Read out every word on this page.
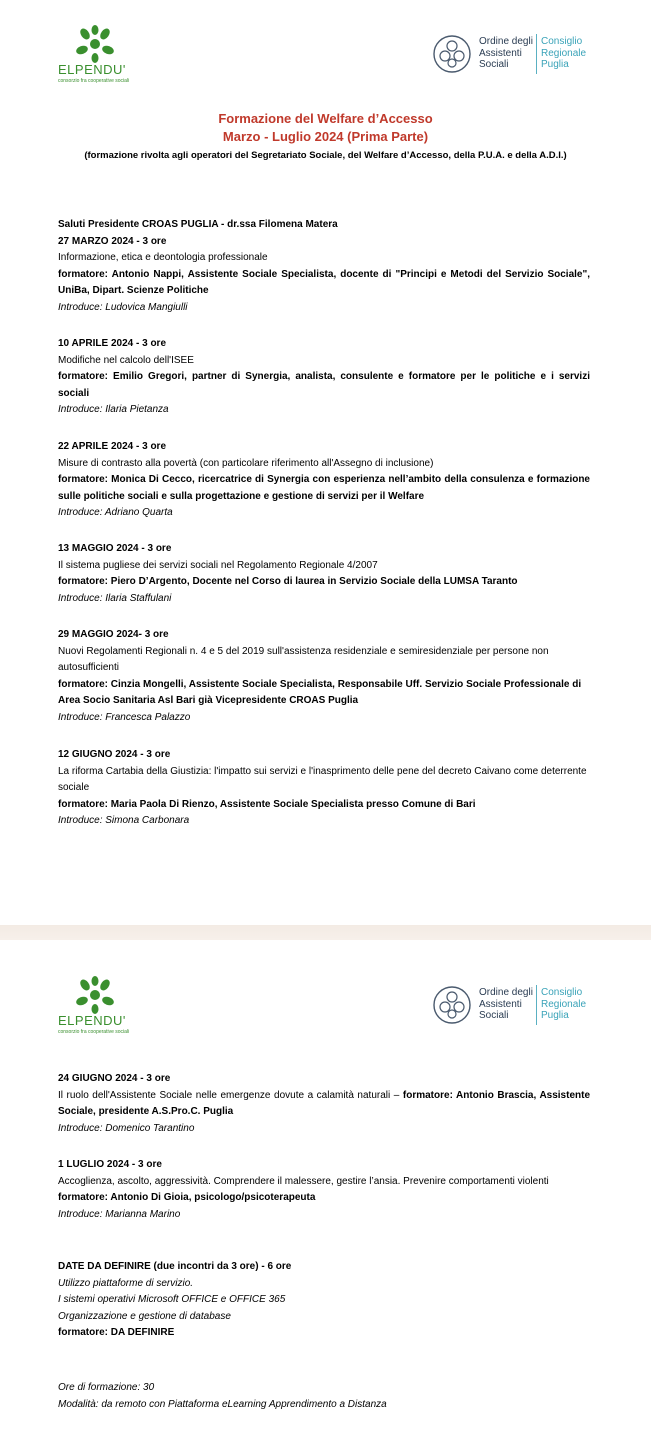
ELPENDU'
consorzio fra cooperative sociali
Ordine degli
Assistenti
Sociali
Consiglio
Regionale
Puglia
Formazione del Welfare d’Accesso
Marzo - Luglio 2024 (Prima Parte)
(formazione rivolta agli operatori del Segretariato Sociale, del Welfare d’Accesso, della P.U.A. e della A.D.I.)
Saluti Presidente CROAS PUGLIA - dr.ssa Filomena Matera
27 MARZO 2024 - 3 ore
Informazione, etica e deontologia professionale
formatore: Antonio Nappi, Assistente Sociale Specialista, docente di "Principi e Metodi del Servizio Sociale", UniBa, Dipart. Scienze Politiche
Introduce: Ludovica Mangiulli
10 APRILE 2024 - 3 ore
Modifiche nel calcolo dell'ISEE
formatore: Emilio Gregori, partner di Synergia, analista, consulente e formatore per le politiche e i servizi sociali
Introduce: Ilaria Pietanza
22 APRILE 2024 - 3 ore
Misure di contrasto alla povertà (con particolare riferimento all'Assegno di inclusione)
formatore: Monica Di Cecco, ricercatrice di Synergia con esperienza nell’ambito della consulenza e formazione sulle politiche sociali e sulla progettazione e gestione di servizi per il Welfare
Introduce: Adriano Quarta
13 MAGGIO 2024 - 3 ore
Il sistema pugliese dei servizi sociali nel Regolamento Regionale 4/2007
formatore: Piero D’Argento, Docente nel Corso di laurea in Servizio Sociale della LUMSA Taranto
Introduce: Ilaria Staffulani
29 MAGGIO 2024- 3 ore
Nuovi Regolamenti Regionali n. 4 e 5 del 2019 sull'assistenza residenziale e semiresidenziale per persone non autosufficienti
formatore: Cinzia Mongelli, Assistente Sociale Specialista, Responsabile Uff. Servizio Sociale Professionale di Area Socio Sanitaria Asl Bari già Vicepresidente CROAS Puglia
Introduce: Francesca Palazzo
12 GIUGNO 2024 - 3 ore
La riforma Cartabia della Giustizia: l'impatto sui servizi e l'inasprimento delle pene del decreto Caivano come deterrente sociale
formatore: Maria Paola Di Rienzo, Assistente Sociale Specialista presso Comune di Bari
Introduce: Simona Carbonara
ELPENDU'
consorzio fra cooperative sociali
Ordine degli
Assistenti
Sociali
Consiglio
Regionale
Puglia
24 GIUGNO 2024 - 3 ore
Il ruolo dell'Assistente Sociale nelle emergenze dovute a calamità naturali – formatore: Antonio Brascia, Assistente Sociale, presidente A.S.Pro.C. Puglia
Introduce: Domenico Tarantino
1 LUGLIO 2024 - 3 ore
Accoglienza, ascolto, aggressività. Comprendere il malessere, gestire l’ansia. Prevenire comportamenti violenti
formatore: Antonio Di Gioia, psicologo/psicoterapeuta
Introduce: Marianna Marino
DATE DA DEFINIRE (due incontri da 3 ore) - 6 ore
Utilizzo piattaforme di servizio.
I sistemi operativi Microsoft OFFICE e OFFICE 365
Organizzazione e gestione di database
formatore: DA DEFINIRE
Ore di formazione: 30
Modalità: da remoto con Piattaforma eLearning Apprendimento a Distanza
